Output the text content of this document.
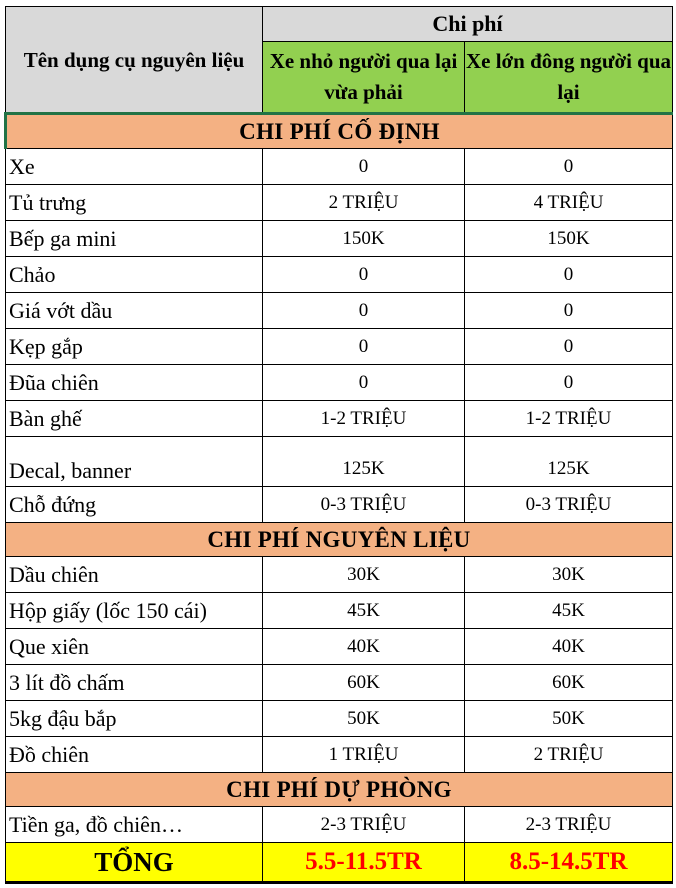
Tên dụng cụ nguyên liệu	Chi phí	
	Xe nhỏ người qua lại vừa phải	Xe lớn đông người qua lại
CHI PHÍ CỐ ĐỊNH		
Xe	0	0
Tủ trưng	2 TRIỆU	4 TRIỆU
Bếp ga mini	150K	150K
Chảo	0	0
Giá vớt dầu	0	0
Kẹp gắp	0	0
Đũa chiên	0	0
Bàn ghế	1-2 TRIỆU	1-2 TRIỆU
Decal, banner	125K	125K
Chỗ đứng	0-3 TRIỆU	0-3 TRIỆU
CHI PHÍ NGUYÊN LIỆU		
Dầu chiên	30K	30K
Hộp giấy (lốc 150 cái)	45K	45K
Que xiên	40K	40K
3 lít đồ chấm	60K	60K
5kg đậu bắp	50K	50K
Đồ chiên	1 TRIỆU	2 TRIỆU
CHI PHÍ DỰ PHÒNG		
Tiền ga, đồ chiên…	2-3 TRIỆU	2-3 TRIỆU
TỔNG	5.5-11.5TR	8.5-14.5TR
